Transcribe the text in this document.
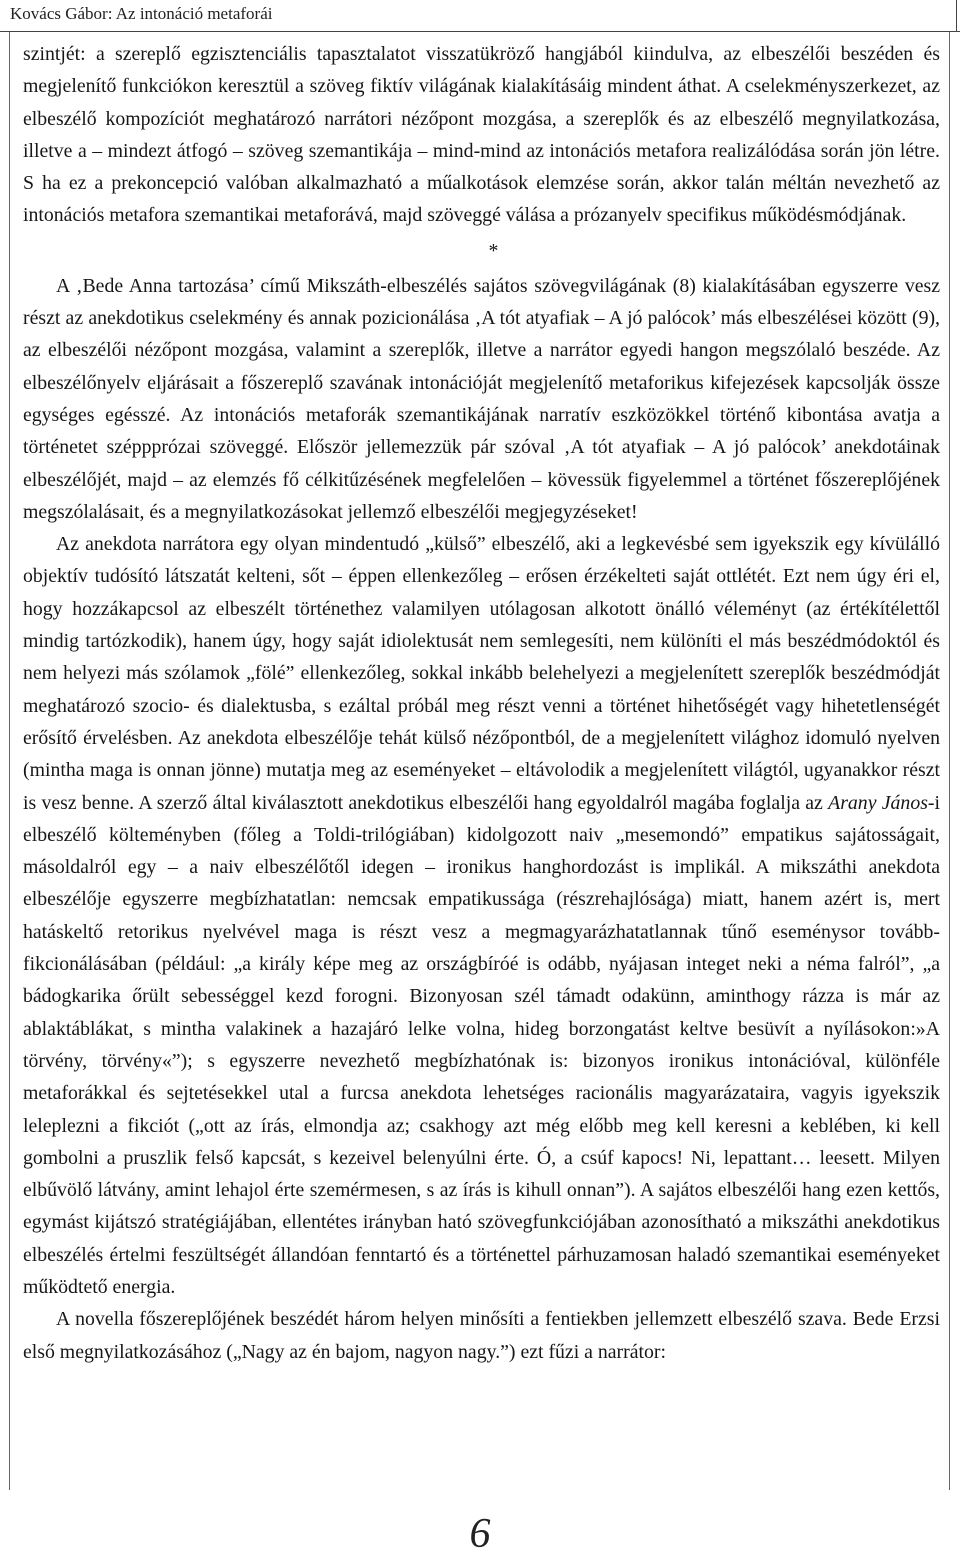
Kovács Gábor: Az intonáció metaforái

szintjét: a szereplő egzisztenciális tapasztalatot visszatükröző hangjából kiindulva, az elbeszélői beszéden és megjelenítő funkciókon keresztül a szöveg fiktív világának kialakításáig mindent áthat. A cselekményszerkezet, az elbeszélő kompozíciót meghatározó narrátori nézőpont mozgása, a szereplők és az elbeszélő megnyilatkozása, illetve a – mindezt átfogó – szöveg szemantikája – mind-mind az intonációs metafora realizálódása során jön létre. S ha ez a prekoncepció valóban alkalmazható a műalkotások elemzése során, akkor talán méltán nevezhető az intonációs metafora szemantikai metaforává, majd szöveggé válása a prózanyelv specifikus működésmódjának.

*

A ‚Bede Anna tartozása’ című Mikszáth-elbeszélés sajátos szövegvilágának (8) kialakításában egyszerre vesz részt az anekdotikus cselekmény és annak pozicionálása ‚A tót atyafiak – A jó palócok’ más elbeszélései között (9), az elbeszélői nézőpont mozgása, valamint a szereplők, illetve a narrátor egyedi hangon megszólaló beszéde. Az elbeszélőnyelv eljárásait a főszereplő szavának intonációját megjelenítő metaforikus kifejezések kapcsolják össze egységes egésszé. Az intonációs metaforák szemantikájának narratív eszközökkel történő kibontása avatja a történetet széppprózai szöveggé. Először jellemezzük pár szóval ‚A tót atyafiak – A jó palócok’ anekdotáinak elbeszélőjét, majd – az elemzés fő célkitűzésének megfelelően – kövessük figyelemmel a történet főszereplőjének megszólalásait, és a megnyilatkozásokat jellemző elbeszélői megjegyzéseket!

Az anekdota narrátora egy olyan mindentudó „külső” elbeszélő, aki a legkevésbé sem igyekszik egy kívülálló objektív tudósító látszatát kelteni, sőt – éppen ellenkezőleg – erősen érzékelteti saját ottlétét. Ezt nem úgy éri el, hogy hozzákapcsol az elbeszélt történethez valamilyen utólagosan alkotott önálló véleményt (az értékítélettől mindig tartózkodik), hanem úgy, hogy saját idiolektusát nem semlegesíti, nem különíti el más beszédmódoktól és nem helyezi más szólamok „fölé” ellenkezőleg, sokkal inkább belehelyezi a megjelenített szereplők beszédmódját meghatározó szocio- és dialektusba, s ezáltal próbál meg részt venni a történet hihetőségét vagy hihetetlenségét erősítő érvelésben. Az anekdota elbeszélője tehát külső nézőpontból, de a megjelenített világhoz idomuló nyelven (mintha maga is onnan jönne) mutatja meg az eseményeket – eltávolodik a megjelenített világtól, ugyanakkor részt is vesz benne. A szerző által kiválasztott anekdotikus elbeszélői hang egyoldalról magába foglalja az Arany János-i elbeszélő költeményben (főleg a Toldi-trilógiában) kidolgozott naiv „mesemondó” empatikus sajátosságait, másoldalról egy – a naiv elbeszélőtől idegen – ironikus hanghordozást is implikál. A mikszáthi anekdota elbeszélője egyszerre megbízhatatlan: nemcsak empatikussága (részrehajlósága) miatt, hanem azért is, mert hatáskeltő retorikus nyelvével maga is részt vesz a megmagyarázhatatlannak tűnő eseménysor tovább-fikcionálásában (például: „a király képe meg az országbíróé is odább, nyájasan integet neki a néma falról”, „a bádogkarika őrült sebességgel kezd forogni. Bizonyosan szél támadt odakünn, aminthogy rázza is már az ablaktáblákat, s mintha valakinek a hazajáró lelke volna, hideg borzongatást keltve besüvít a nyílásokon:»A törvény, törvény«”); s egyszerre nevezhető megbízhatónak is: bizonyos ironikus intonációval, különféle metaforákkal és sejtetésekkel utal a furcsa anekdota lehetséges racionális magyarázataira, vagyis igyekszik leleplezni a fikciót („ott az írás, elmondja az; csakhogy azt még előbb meg kell keresni a keblében, ki kell gombolni a pruszlik felső kapcsát, s kezeivel belenyúlni érte. Ó, a csúf kapocs! Ni, lepattant… leesett. Milyen elbűvölő látvány, amint lehajol érte szemérmesen, s az írás is kihull onnan”). A sajátos elbeszélői hang ezen kettős, egymást kijátszó stratégiájában, ellentétes irányban ható szövegfunkciójában azonosítható a mikszáthi anekdotikus elbeszélés értelmi feszültségét állandóan fenntartó és a történettel párhuzamosan haladó szemantikai eseményeket működtető energia.

A novella főszereplőjének beszédét három helyen minősíti a fentiekben jellemzett elbeszélő szava. Bede Erzsi első megnyilatkozásához („Nagy az én bajom, nagyon nagy.”) ezt fűzi a narrátor:

6
